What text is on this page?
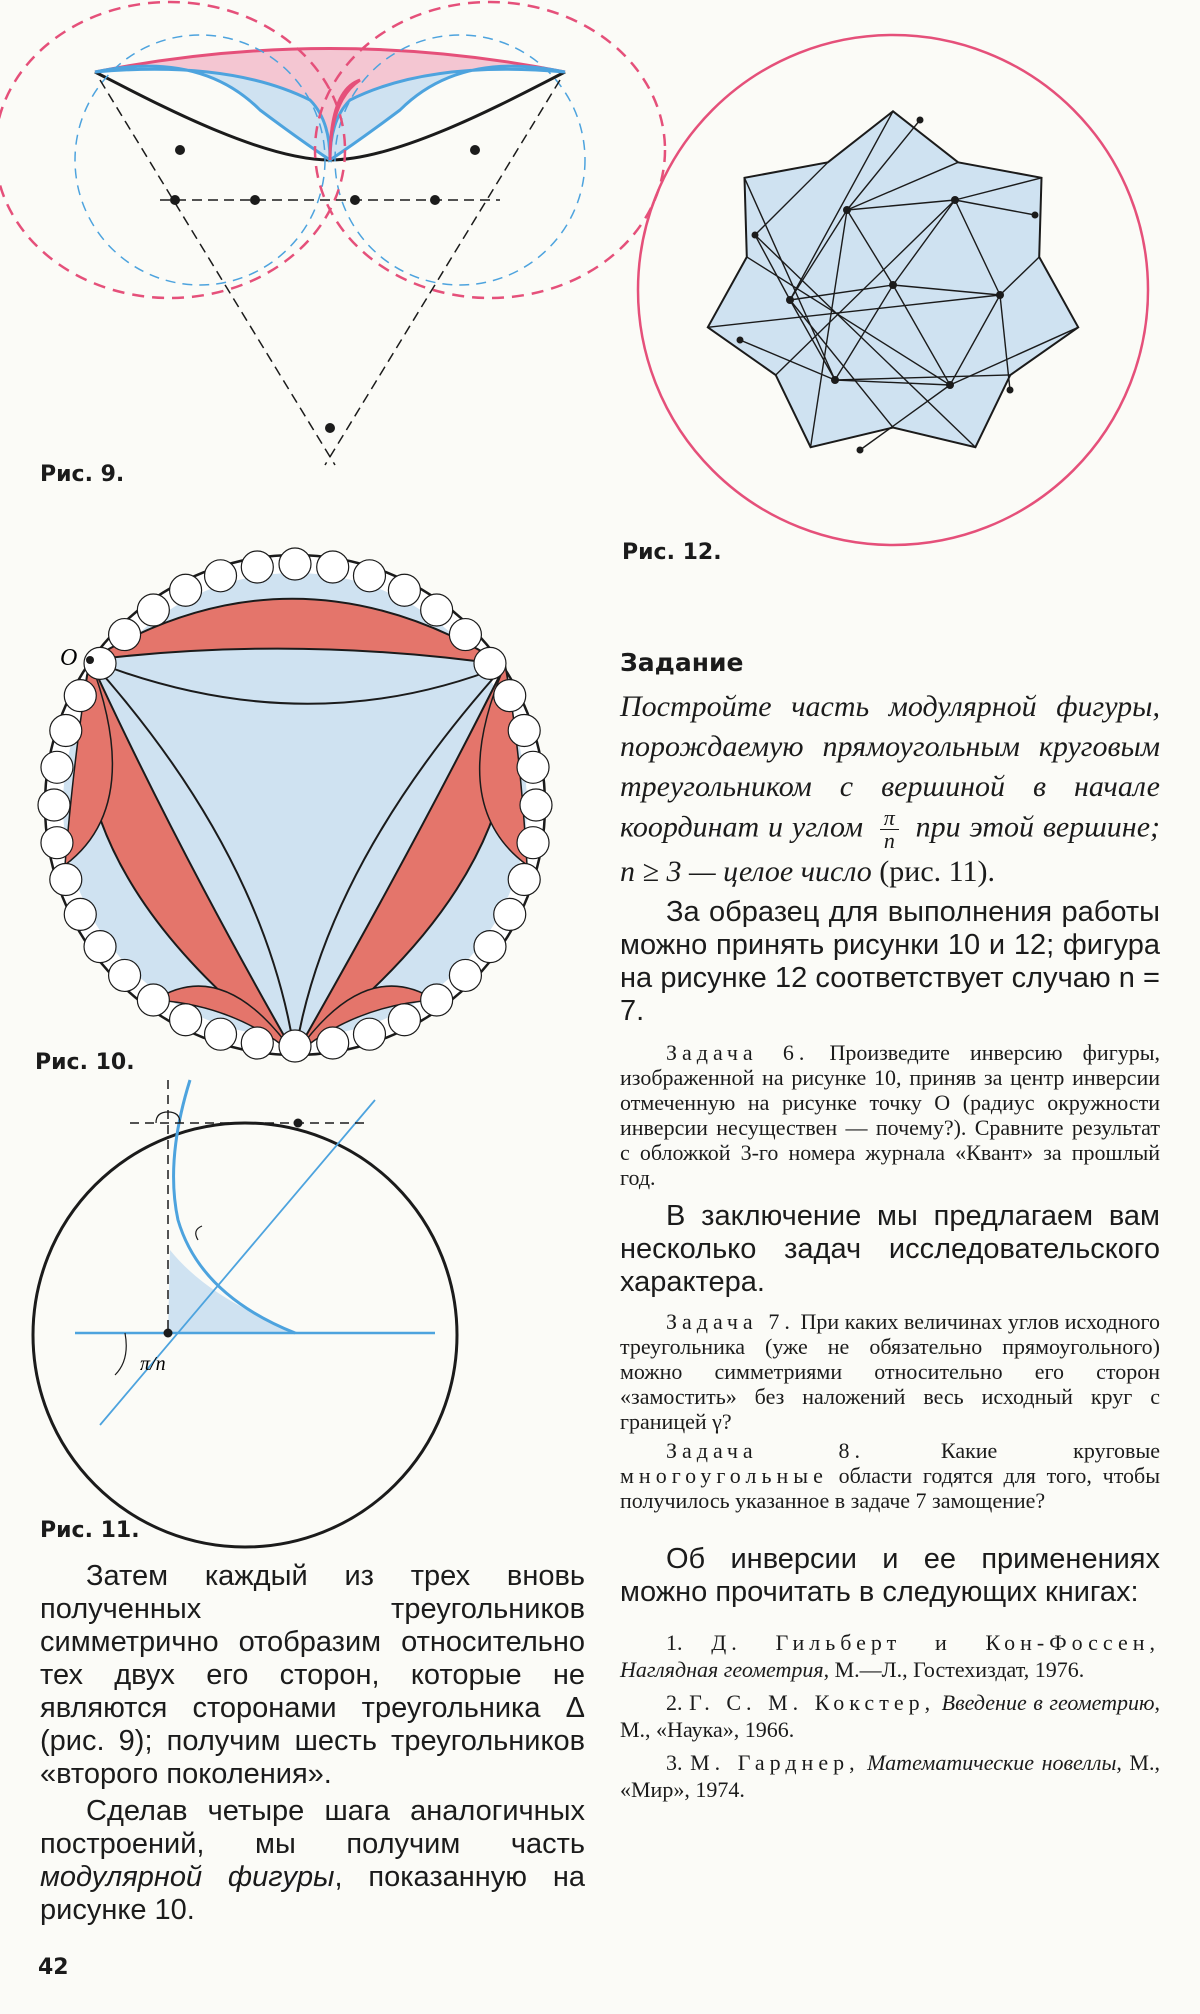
Рис. 9.
O
Рис. 10.
π/n
Рис. 11.
Рис. 12.

Затем каждый из трех вновь полученных треугольников симметрично отобразим относительно тех двух его сторон, которые не являются сторонами треугольника Δ (рис. 9); получим шесть треугольников «второго поколения».

Сделав четыре шага аналогичных построений, мы получим часть модулярной фигуры, показанную на рисунке 10.

42
Задание
Постройте часть модулярной фигуры, порождаемую прямоугольным круговым треугольником с вершиной в начале координат и углом $\frac{\pi}{n}$ при этой вершине; n ≥ 3 — целое число (рис. 11).

За образец для выполнения работы можно принять рисунки 10 и 12; фигура на рисунке 12 соответствует случаю n = 7.

Задача 6. Произведите инверсию фигуры, изображенной на рисунке 10, приняв за центр инверсии отмеченную на рисунке точку O (радиус окружности инверсии несуществен — почему?). Сравните результат с обложкой 3-го номера журнала «Квант» за прошлый год.

В заключение мы предлагаем вам несколько задач исследовательского характера.

Задача 7. При каких величинах углов исходного треугольника (уже не обязательно прямоугольного) можно симметриями относительно его сторон «замостить» без наложений весь исходный круг с границей γ?

Задача 8. Какие круговые многоугольные области годятся для того, чтобы получилось указанное в задаче 7 замощение?

Об инверсии и ее применениях можно прочитать в следующих книгах:

1. Д. Гильберт и Кон-Фоссен, Наглядная геометрия, М.—Л., Гостехиздат, 1976.

2. Г. С. М. Кокстер, Введение в геометрию, М., «Наука», 1966.

3. М. Гарднер, Математические новеллы, М., «Мир», 1974.
